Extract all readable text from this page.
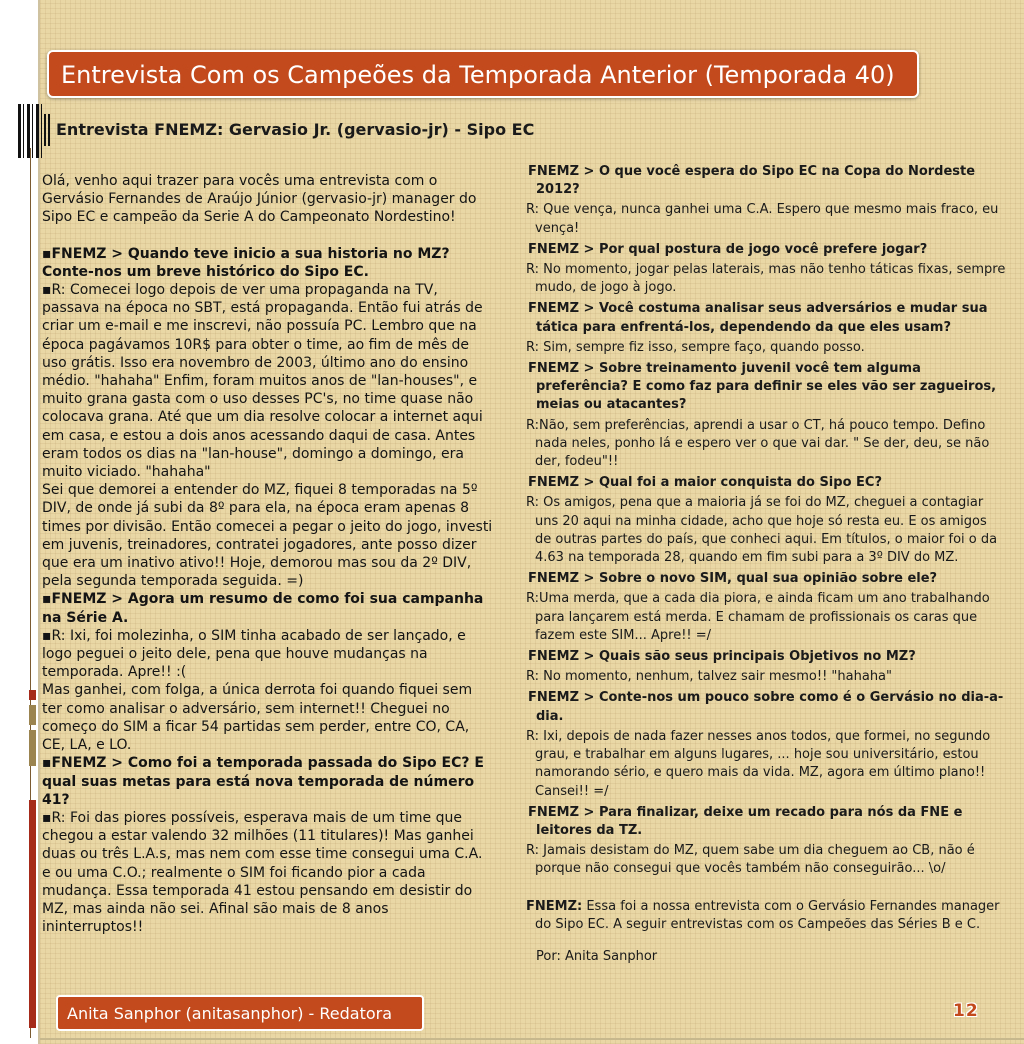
Entrevista Com os Campeões da Temporada Anterior (Temporada 40)
Entrevista FNEMZ: Gervasio Jr. (gervasio-jr) - Sipo EC

Olá, venho aqui trazer para vocês uma entrevista com o Gervásio Fernandes de Araújo Júnior (gervasio-jr) manager do Sipo EC e campeão da Serie A do Campeonato Nordestino!

▪FNEMZ > Quando teve inicio a sua historia no MZ? Conte-nos um breve histórico do Sipo EC.

▪R: Comecei logo depois de ver uma propaganda na TV, passava na época no SBT, está propaganda. Então fui atrás de criar um e-mail e me inscrevi, não possuía PC. Lembro que na época pagávamos 10R$ para obter o time, ao fim de mês de uso grátis. Isso era novembro de 2003, último ano do ensino médio. "hahaha" Enfim, foram muitos anos de "lan-houses", e muito grana gasta com o uso desses PC's, no time quase não colocava grana. Até que um dia resolve colocar a internet aqui em casa, e estou a dois anos acessando daqui de casa. Antes eram todos os dias na "lan-house", domingo a domingo, era muito viciado. "hahaha"

Sei que demorei a entender do MZ, fiquei 8 temporadas na 5º DIV, de onde já subi da 8º para ela, na época eram apenas 8 times por divisão. Então comecei a pegar o jeito do jogo, investi em juvenis, treinadores, contratei jogadores, ante posso dizer que era um inativo ativo!! Hoje, demorou mas sou da 2º DIV, pela segunda temporada seguida. =)

▪FNEMZ > Agora um resumo de como foi sua campanha na Série A.

▪R: Ixi, foi molezinha, o SIM tinha acabado de ser lançado, e logo peguei o jeito dele, pena que houve mudanças na temporada. Apre!! :(

Mas ganhei, com folga, a única derrota foi quando fiquei sem ter como analisar o adversário, sem internet!! Cheguei no começo do SIM a ficar 54 partidas sem perder, entre CO, CA, CE, LA, e LO.

▪FNEMZ > Como foi a temporada passada do Sipo EC? E qual suas metas para está nova temporada de número 41?

▪R: Foi das piores possíveis, esperava mais de um time que chegou a estar valendo 32 milhões (11 titulares)! Mas ganhei duas ou três L.A.s, mas nem com esse time consegui uma C.A. e ou uma C.O.; realmente o SIM foi ficando pior a cada mudança. Essa temporada 41 estou pensando em desistir do MZ, mas ainda não sei. Afinal são mais de 8 anos ininterruptos!!

FNEMZ > O que você espera do Sipo EC na Copa do Nordeste 2012?
R: Que vença, nunca ganhei uma C.A. Espero que mesmo mais fraco, eu vença!
FNEMZ > Por qual postura de jogo você prefere jogar?
R: No momento, jogar pelas laterais, mas não tenho táticas fixas, sempre mudo, de jogo à jogo.
FNEMZ > Você costuma analisar seus adversários e mudar sua tática para enfrentá-los, dependendo da que eles usam?
R: Sim, sempre fiz isso, sempre faço, quando posso.
FNEMZ > Sobre treinamento juvenil você tem alguma preferência? E como faz para definir se eles vão ser zagueiros, meias ou atacantes?
R:Não, sem preferências, aprendi a usar o CT, há pouco tempo. Defino nada neles, ponho lá e espero ver o que vai dar. " Se der, deu, se não der, fodeu"!!
FNEMZ > Qual foi a maior conquista do Sipo EC?
R: Os amigos, pena que a maioria já se foi do MZ, cheguei a contagiar uns 20 aqui na minha cidade, acho que hoje só resta eu. E os amigos de outras partes do país, que conheci aqui. Em títulos, o maior foi o da 4.63 na temporada 28, quando em fim subi para a 3º DIV do MZ.
FNEMZ > Sobre o novo SIM, qual sua opinião sobre ele?
R:Uma merda, que a cada dia piora, e ainda ficam um ano trabalhando para lançarem está merda. E chamam de profissionais os caras que fazem este SIM... Apre!! =/
FNEMZ > Quais são seus principais Objetivos no MZ?
R: No momento, nenhum, talvez sair mesmo!! "hahaha"
FNEMZ > Conte-nos um pouco sobre como é o Gervásio no dia-a-dia.
R: Ixi, depois de nada fazer nesses anos todos, que formei, no segundo grau, e trabalhar em alguns lugares, ... hoje sou universitário, estou namorando sério, e quero mais da vida. MZ, agora em último plano!! Cansei!! =/
FNEMZ > Para finalizar, deixe um recado para nós da FNE e leitores da TZ.
R: Jamais desistam do MZ, quem sabe um dia cheguem ao CB, não é porque não consegui que vocês também não conseguirão... \o/
FNEMZ: Essa foi a nossa entrevista com o Gervásio Fernandes manager do Sipo EC. A seguir entrevistas com os Campeões das Séries B e C.
Por: Anita Sanphor
Anita Sanphor (anitasanphor) - Redatora	12
